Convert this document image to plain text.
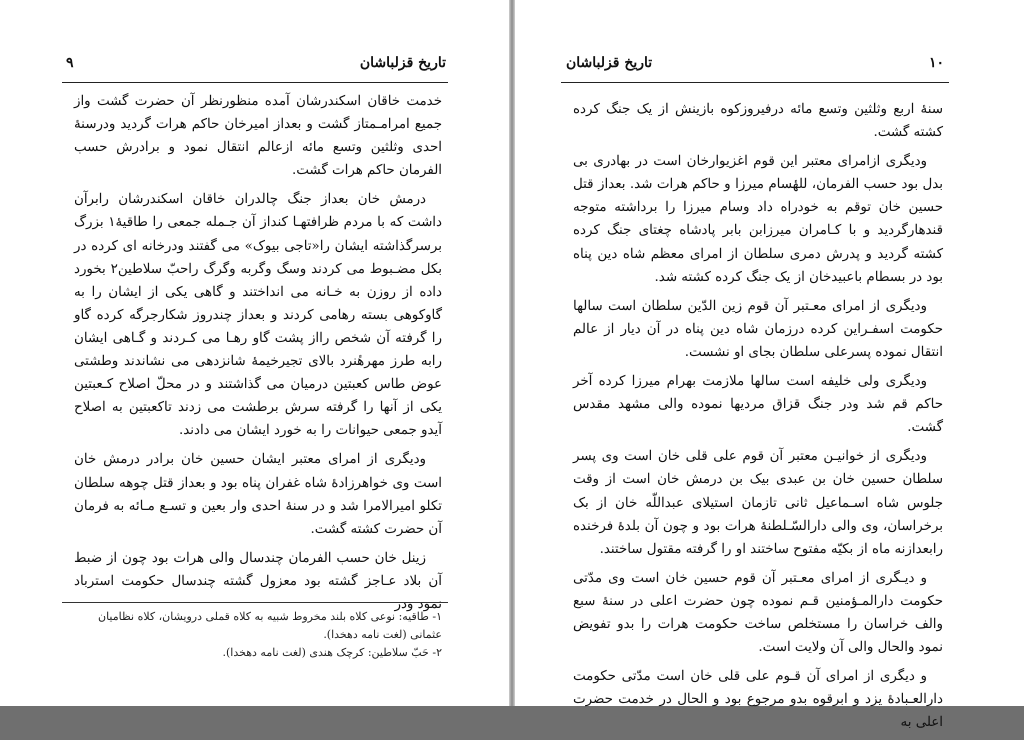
۹	تاریخ قزلباشان

خدمت خاقان اسکندرشان آمده منظورنظر آن حضرت گشت واز جمیع امرامـمتاز گشت و بعداز امیرخان حاکم هرات گردید ودرسنهٔ احدی وثلثین وتسع مائه ازعالم انتقال نمود و برادرش حسب الفرمان حاکم هرات گشت.

درمش خان بعداز جنگ چالدران خاقان اسکندرشان رابرآن داشت که با مردم ظرافتهـا کنداز آن جـمله جمعی را طاقیهٔ۱ بزرگ برسرگذاشته ایشان را«تاجی بیوک» می گفتند ودرخانه ای کرده در بکل مضـبوط می کردند وسگ وگربه وگرگ راحبّ سلاطین۲ بخورد داده از روزن به خـانه می انداختند و گاهی یکی از ایشان را به گاوکوهی بسته رهامی کردند و بعداز چندروز شکارجرگه کرده گاو را گرفته آن شخص رااز پشت گاو رهـا می کـردند و گـاهی ایشان رابه طرز مهرهٔنرد بالای تجیرخیمهٔ شانزدهی می نشاندند وطشتی عوض طاس کعبتین درمیان می گذاشتند و در محلّ اصلاح کـعبتین یکی از آنها را گرفته سرش برطشت می زدند تاکعبتین به اصلاح آیدو جمعی حیوانات را به خورد ایشان می دادند.

ودیگری از امرای معتبر ایشان حسین خان برادر درمش خان است وی خواهرزادهٔ شاه غفران پناه بود و بعداز قتل چوهه سلطان تکلو امیرالامرا شد و در سنهٔ احدی وار بعین و تسـع مـائه به فرمان آن حضرت کشته گشت.

زینل خان حسب الفرمان چندسال والی هرات بود چون از ضبط آن بلاد عـاجز گشته بود معزول گشته چندسال حکومت استرباد نمود ودر

۱- طاقیه: نوعی کلاه بلند مخروط شبیه به کلاه قملی درویشان، کلاه نظامیان عثمانی (لغت نامه دهخدا).
۲- حَبّ سلاطین: کرچک هندی (لغت نامه دهخدا).
۱۰
تاریخ قزلباشان

سنهٔ اربع وثلثین وتسع مائه درفیروزکوه بازینش از یک جنگ کرده کشته گشت.

ودیگری ازامرای معتبر این قوم اغزیوارخان است در بهادری بی بدل بود حسب الفرمان، للهٔسام میرزا و حاکم هرات شد. بعداز قتل حسین خان توقم به خودراه داد وسام میرزا را برداشته متوجه قندهارگردید و با کـامران میرزابن بابر پادشاه چغتای جنگ کرده کشته گردید و پدرش دمری سلطان از امرای معظم شاه دین پناه بود در بسطام باعبیدخان از یک جنگ کرده کشته شد.

ودیگری از امرای معـتبر آن قوم زین الدّین سلطان است سالها حکومت اسفـراین کرده درزمان شاه دین پناه در آن دیار از عالم انتقال نموده پسرعلی سلطان بجای او نشست.

ودیگری ولی خلیفه است سالها ملازمت بهرام میرزا کرده آخر حاکم قم شد ودر جنگ قزاق مردیها نموده والی مشهد مقدس گشت.

ودیگری از خوانیـن معتبر آن قوم علی قلی خان است وی پسر سلطان حسین خان بن عبدی بیک بن درمش خان است از وقت جلوس شاه اسـماعیل ثانی تازمان استیلای عبداللّه خان از بک برخراسان، وی والی دارالسّـلطنهٔ هرات بود و چون آن بلدهٔ فرخنده رابعدازنه ماه از بکیّه مفتوح ساختند او را گرفته مقتول ساختند.

و دیـگری از امرای معـتبر آن قوم حسین خان است وی مدّتی حکومت دارالمـؤمنین قـم نموده چون حضرت اعلی در سنهٔ سبع والف خراسان را مستخلص ساخت حکومت هرات را بدو تفویض نمود والحال والی آن ولایت است.

و دیگری از امرای آن قـوم علی قلی خان است مدّتی حکومت دارالعـبادهٔ یزد و ابرقوه بدو مرجوع بود و الحال در خدمت حضرت اعلی به
